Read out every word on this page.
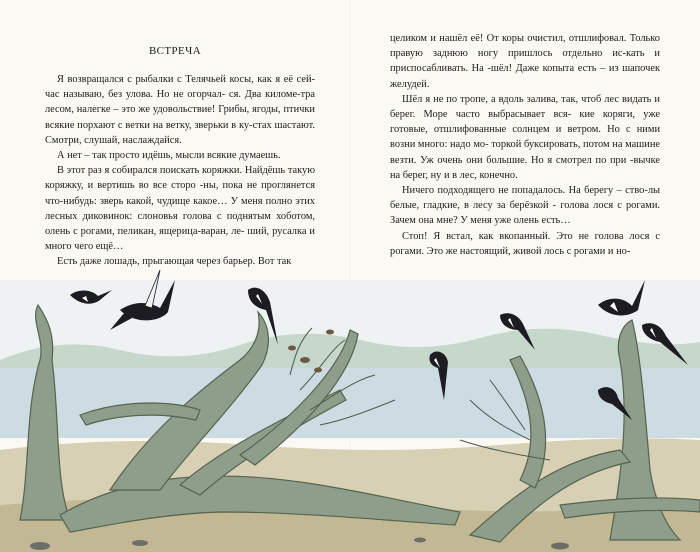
ВСТРЕЧА

Я возвращался с рыбалки с Телячьей косы, как я её сей-час называю, без улова. Но не огорчал- ся. Два киломе-тра лесом, налегке – это же удовольствие! Грибы, ягоды, птички всякие порхают с ветки на ветку, зверьки в ку-стах шастают. Смотри, слушай, наслаждайся.

А нет – так просто идёшь, мысли всякие думаешь.

В этот раз я собирался поискать коряжки. Найдёшь такую коряжку, и вертишь во все сторо -ны, пока не проглянется что-нибудь: зверь какой, чудище какое… У меня полно этих лесных диковинок: слоновья голова с поднятым хоботом, олень с рогами, пеликан, ящерица-варан, ле- ший, русалка и много чего ещё…

Есть даже лошадь, прыгающая через барьер. Вот так

целиком и нашёл её! От коры очистил, отшлифовал. Только правую заднюю ногу пришлось отдельно ис-кать и приспосабливать. На -шёл! Даже копыта есть – из шапочек желудей.

Шёл я не по тропе, а вдоль залива, так, чтоб лес видать и берег. Море часто выбрасывает вся- кие коряги, уже готовые, отшлифованные солнцем и ветром. Но с ними возни много: надо мо- торкой буксировать, потом на машине везти. Уж очень они большие. Но я смотрел по при -вычке на берег, ну и в лес, конечно.

Ничего подходящего не попадалось. На берегу – ство-лы белые, гладкие, в лесу за берёзкой - голова лося с рогами. Зачем она мне? У меня уже олень есть…

Стоп! Я встал, как вкопанный. Это не голова лося с рогами. Это же настоящий, живой лось с рогами и но-
